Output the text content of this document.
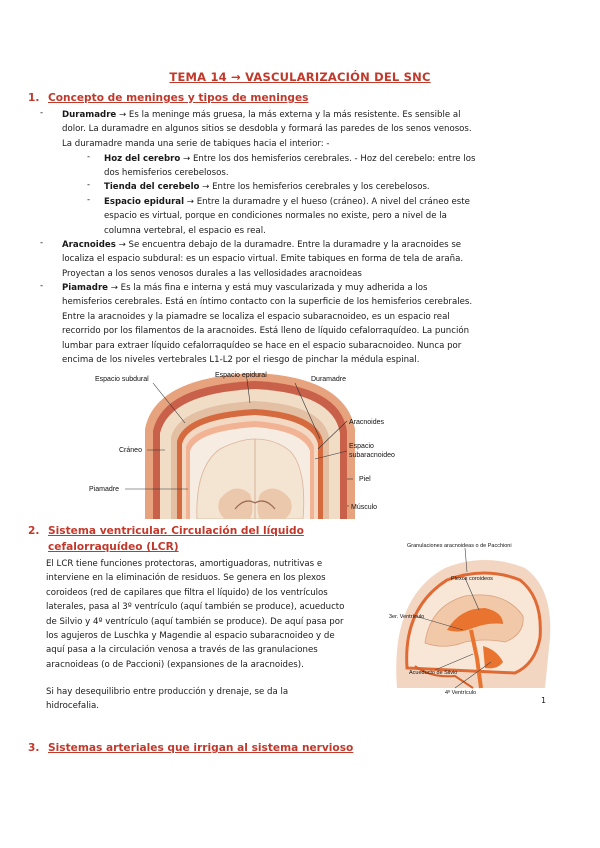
TEMA 14 → VASCULARIZACIÓN DEL SNC
1. Concepto de meninges y tipos de meninges
- Duramadre → Es la meninge más gruesa, la más externa y la más resistente. Es sensible al
dolor. La duramadre en algunos sitios se desdobla y formará las paredes de los senos venosos.
La duramadre manda una serie de tabiques hacia el interior: -
- Hoz del cerebro → Entre los dos hemisferios cerebrales. - Hoz del cerebelo: entre los
dos hemisferios cerebelosos.
- Tienda del cerebelo → Entre los hemisferios cerebrales y los cerebelosos.
- Espacio epidural → Entre la duramadre y el hueso (cráneo). A nivel del cráneo este
espacio es virtual, porque en condiciones normales no existe, pero a nivel de la
columna vertebral, el espacio es real.
- Aracnoides → Se encuentra debajo de la duramadre. Entre la duramadre y la aracnoides se
localiza el espacio subdural: es un espacio virtual. Emite tabiques en forma de tela de araña.
Proyectan a los senos venosos durales a las vellosidades aracnoideas
- Piamadre → Es la más fina e interna y está muy vascularizada y muy adherida a los
hemisferios cerebrales. Está en íntimo contacto con la superficie de los hemisferios cerebrales.
Entre la aracnoides y la piamadre se localiza el espacio subaracnoideo, es un espacio real
recorrido por los filamentos de la aracnoides. Está lleno de líquido cefalorraquídeo. La punción
lumbar para extraer líquido cefalorraquídeo se hace en el espacio subaracnoideo. Nunca por
encima de los niveles vertebrales L1-L2 por el riesgo de pinchar la médula espinal.
Espacio subdural
Espacio epidural
Duramadre
Aracnoides
Espacio
subaracnoideo
Cráneo
Piel
Piamadre
Músculo
2. Sistema ventricular. Circulación del líquido
cefalorraquídeo (LCR)
El LCR tiene funciones protectoras, amortiguadoras, nutritivas e
interviene en la eliminación de residuos. Se genera en los plexos
coroideos (red de capilares que filtra el líquido) de los ventrículos
laterales, pasa al 3º ventrículo (aquí también se produce), acueducto
de Silvio y 4º ventrículo (aquí también se produce). De aquí pasa por
los agujeros de Luschka y Magendie al espacio subaracnoideo y de
aquí pasa a la circulación venosa a través de las granulaciones
aracnoideas (o de Paccioni) (expansiones de la aracnoides).
Si hay desequilibrio entre producción y drenaje, se da la
hidrocefalia.
Granulaciones aracnoideas o de Pacchioni
Plexos coroideos
3er. Ventrículo
Acueducto de Silvio
4º Ventrículo
1
3. Sistemas arteriales que irrigan al sistema nervioso
